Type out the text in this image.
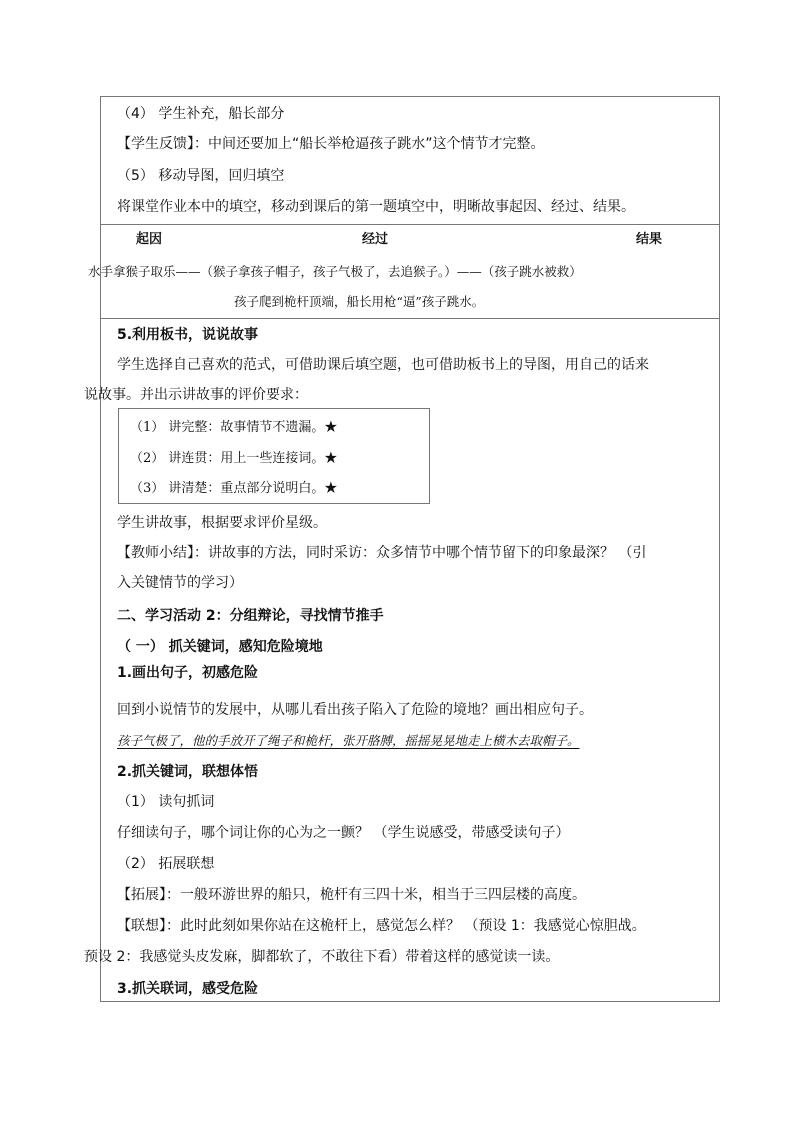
（4） 学生补充，船长部分
【学生反馈】：中间还要加上“船长举枪逼孩子跳水”这个情节才完整。
（5） 移动导图，回归填空
将课堂作业本中的填空，移动到课后的第一题填空中，明晰故事起因、经过、结果。
起因	经过	结果
水手拿猴子取乐——（猴子拿孩子帽子，孩子气极了，去追猴子。）——（孩子跳水被救）
孩子爬到桅杆顶端，船长用枪“逼”孩子跳水。
5.利用板书，说说故事
学生选择自己喜欢的范式，可借助课后填空题，也可借助板书上的导图，用自己的话来
说故事。并出示讲故事的评价要求：
（1） 讲完整：故事情节不遗漏。★
（2） 讲连贯：用上一些连接词。★
（3） 讲清楚：重点部分说明白。★
学生讲故事，根据要求评价星级。
【教师小结】：讲故事的方法，同时采访：众多情节中哪个情节留下的印象最深？ （引
入关键情节的学习）
二、学习活动 2：分组辩论，寻找情节推手
（ 一） 抓关键词，感知危险境地
1.画出句子，初感危险
回到小说情节的发展中，从哪儿看出孩子陷入了危险的境地？画出相应句子。
孩子气极了，他的手放开了绳子和桅杆，张开胳膊，摇摇晃晃地走上横木去取帽子。
2.抓关键词，联想体悟
（1） 读句抓词
仔细读句子，哪个词让你的心为之一颤？ （学生说感受，带感受读句子）
（2） 拓展联想
【拓展】：一般环游世界的船只，桅杆有三四十米，相当于三四层楼的高度。
【联想】：此时此刻如果你站在这桅杆上，感觉怎么样？ （预设 1：我感觉心惊胆战。
预设 2：我感觉头皮发麻，脚都软了，不敢往下看）带着这样的感觉读一读。
3.抓关联词，感受危险
